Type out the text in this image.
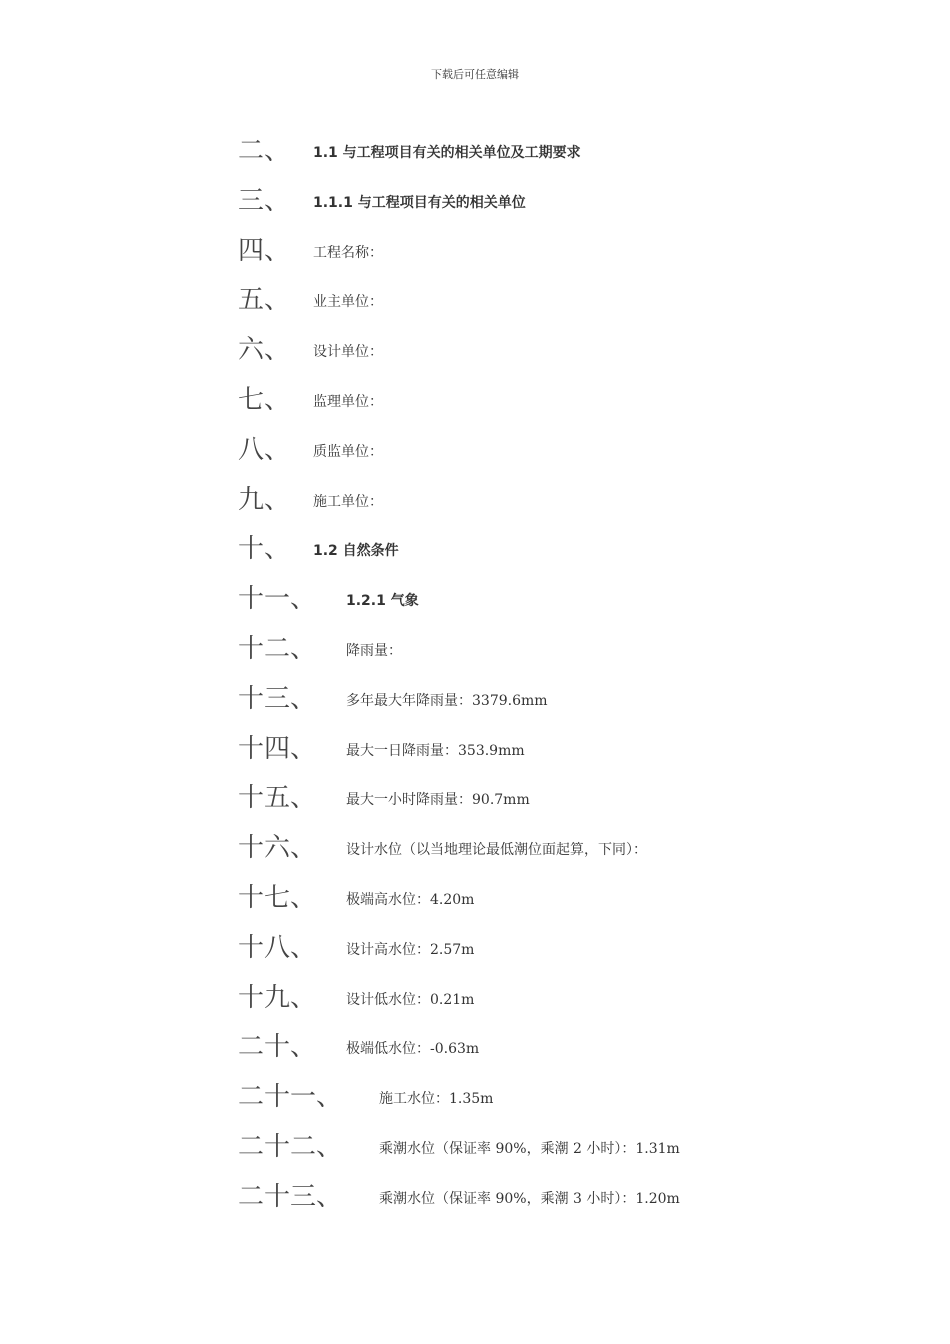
下载后可任意编辑
二、 1.1 与工程项目有关的相关单位及工期要求
三、 1.1.1 与工程项目有关的相关单位
四、 工程名称：
五、 业主单位：
六、 设计单位：
七、 监理单位：
八、 质监单位：
九、 施工单位：
十、 1.2 自然条件
十一、 1.2.1 气象
十二、 降雨量：
十三、 多年最大年降雨量：3379.6mm
十四、 最大一日降雨量：353.9mm
十五、 最大一小时降雨量：90.7mm
十六、 设计水位（以当地理论最低潮位面起算，下同）：
十七、 极端高水位：4.20m
十八、 设计高水位：2.57m
十九、 设计低水位：0.21m
二十、 极端低水位：-0.63m
二十一、	施工水位：1.35m
二十二、	乘潮水位（保证率 90%，乘潮 2 小时）：1.31m
二十三、	乘潮水位（保证率 90%，乘潮 3 小时）：1.20m
